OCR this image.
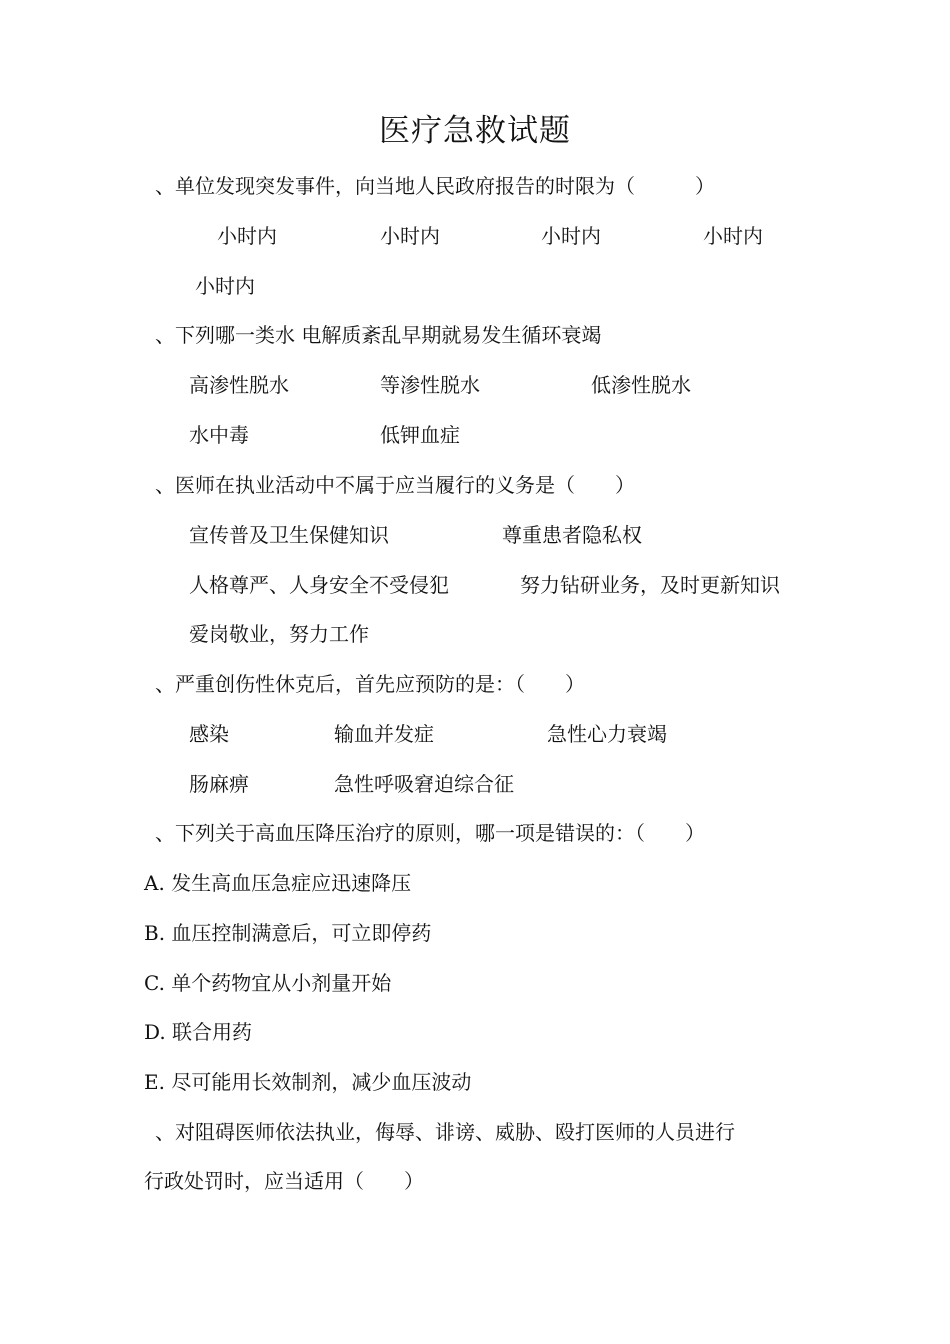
医疗急救试题

、单位发现突发事件，向当地人民政府报告的时限为（　　　）

小时内	小时内	小时内	小时内
小时内

、下列哪一类水 电解质紊乱早期就易发生循环衰竭

高渗性脱水	等渗性脱水	低渗性脱水
水中毒	低钾血症

、医师在执业活动中不属于应当履行的义务是（　　）

宣传普及卫生保健知识	尊重患者隐私权
人格尊严、人身安全不受侵犯	努力钻研业务，及时更新知识
爱岗敬业，努力工作

、严重创伤性休克后，首先应预防的是：（　　）

感染	输血并发症	急性心力衰竭
肠麻痹	急性呼吸窘迫综合征

、下列关于高血压降压治疗的原则，哪一项是错误的：（　　）

A. 发生高血压急症应迅速降压

B. 血压控制满意后，可立即停药

C. 单个药物宜从小剂量开始

D. 联合用药

E. 尽可能用长效制剂，减少血压波动

、对阻碍医师依法执业，侮辱、诽谤、威胁、殴打医师的人员进行

行政处罚时，应当适用（　　）
